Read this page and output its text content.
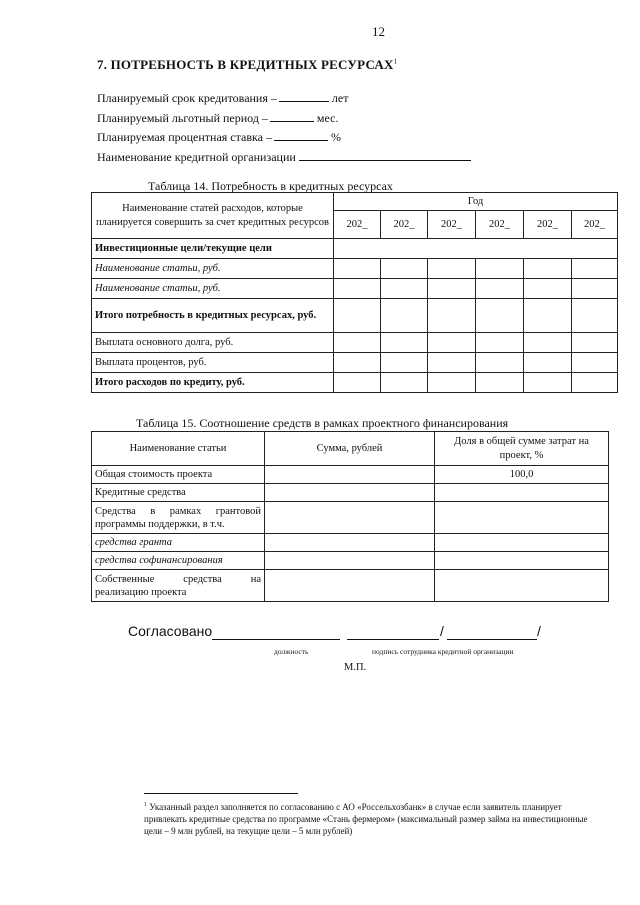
12
7. ПОТРЕБНОСТЬ В КРЕДИТНЫХ РЕСУРСАХ$^1$
Планируемый срок кредитования –	лет
Планируемый льготный период –	мес.
Планируемая процентная ставка –	%
Наименование кредитной организации
Таблица 14. Потребность в кредитных ресурсах
Наименование статей расходов, которые планируется совершить за счет кредитных ресурсов	Год					
	202_	202_	202_	202_	202_	202_
Инвестиционные цели/текущие цели						
Наименование статьи, руб.						
Наименование статьи, руб.						
Итого потребность в кредитных ресурсах, руб.						
Выплата основного долга, руб.						
Выплата процентов, руб.						
Итого расходов по кредиту, руб.						
Таблица 15. Соотношение средств в рамках проектного финансирования
Наименование статьи	Сумма, рублей	Доля в общей сумме затрат на проект, %
Общая стоимость проекта		100,0
Кредитные средства		
Средства в рамках грантовой программы поддержки, в т.ч.		
средства гранта		
средства софинансирования		
Собственные средства на реализацию проекта		
Согласовано	/	/
должность	подпись сотрудника кредитной организации
М.П.
$^1$ Указанный раздел заполняется по согласованию с АО «Россельхозбанк» в случае если заявитель планирует привлекать кредитные средства по программе «Стань фермером» (максимальный размер займа на инвестиционные цели – 9 млн рублей, на текущие цели – 5 млн рублей)
